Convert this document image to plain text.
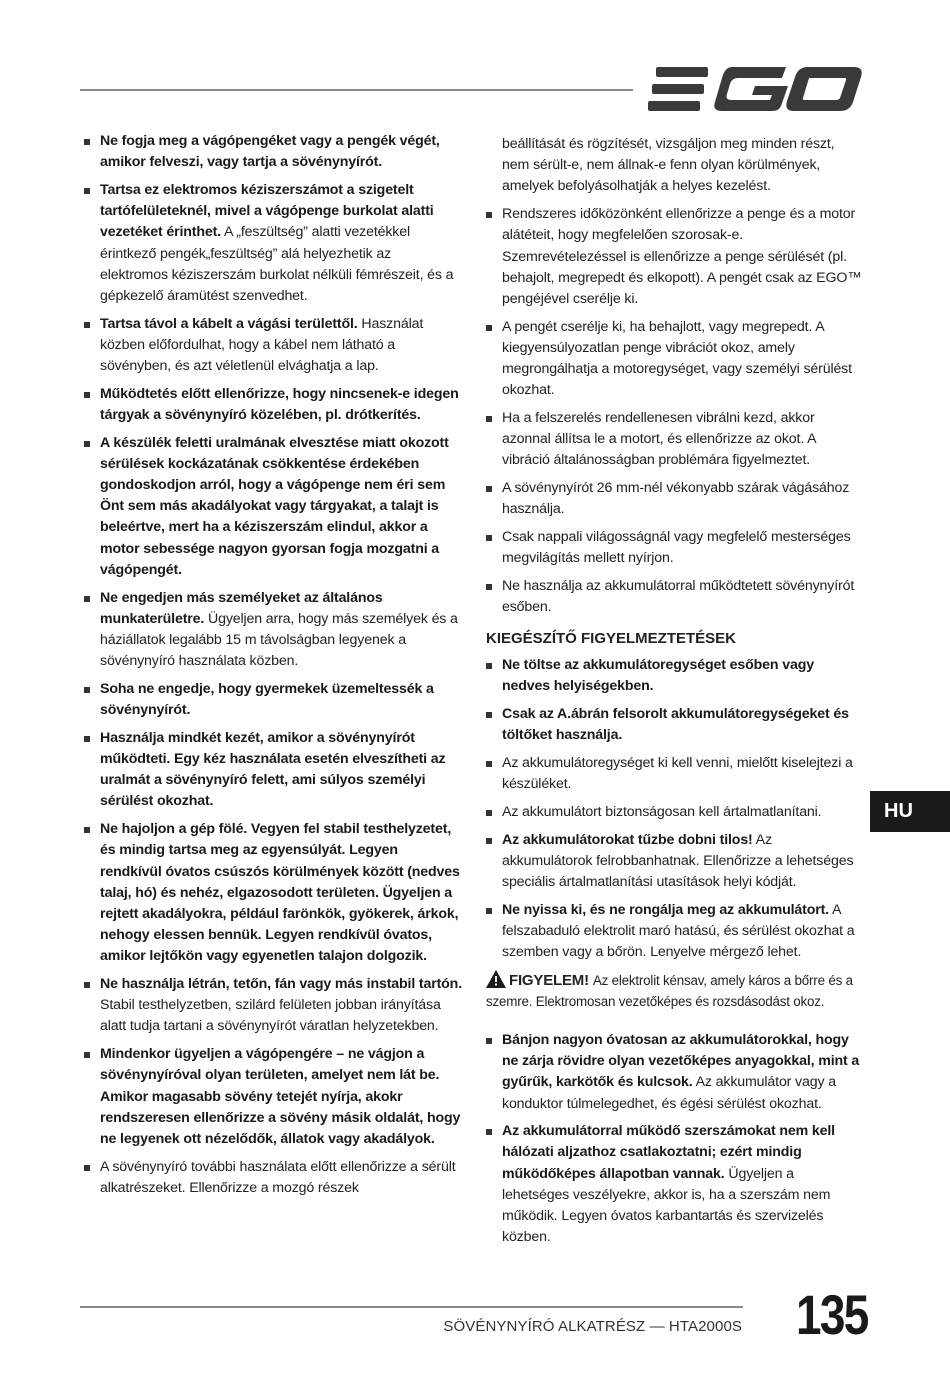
Ne fogja meg a vágópengéket vagy a pengék végét, amikor felveszi, vagy tartja a sövénynyírót.
Tartsa ez elektromos kéziszerszámot a szigetelt tartófelületeknél, mivel a vágópenge burkolat alatti vezetéket érinthet. A „feszültség” alatti vezetékkel érintkező pengék„feszültség” alá helyezhetik az elektromos kéziszerszám burkolat nélküli fémrészeit, és a gépkezelő áramütést szenvedhet.
Tartsa távol a kábelt a vágási területtől. Használat közben előfordulhat, hogy a kábel nem látható a sövényben, és azt véletlenül elvághatja a lap.
Működtetés előtt ellenőrizze, hogy nincsenek-e idegen tárgyak a sövénynyíró közelében, pl. drótkerítés.
A készülék feletti uralmának elvesztése miatt okozott sérülések kockázatának csökkentése érdekében gondoskodjon arról, hogy a vágópenge nem éri sem Önt sem más akadályokat vagy tárgyakat, a talajt is beleértve, mert ha a kéziszerszám elindul, akkor a motor sebessége nagyon gyorsan fogja mozgatni a vágópengét.
Ne engedjen más személyeket az általános munkaterületre. Ügyeljen arra, hogy más személyek és a háziállatok legalább 15 m távolságban legyenek a sövénynyíró használata közben.
Soha ne engedje, hogy gyermekek üzemeltessék a sövénynyírót.
Használja mindkét kezét, amikor a sövénynyírót működteti. Egy kéz használata esetén elveszítheti az uralmát a sövénynyíró felett, ami súlyos személyi sérülést okozhat.
Ne hajoljon a gép fölé. Vegyen fel stabil testhelyzetet, és mindig tartsa meg az egyensúlyát. Legyen rendkívül óvatos csúszós körülmények között (nedves talaj, hó) és nehéz, elgazosodott területen. Ügyeljen a rejtett akadályokra, például farönkök, gyökerek, árkok, nehogy elessen bennük. Legyen rendkívül óvatos, amikor lejtőkön vagy egyenetlen talajon dolgozik.
Ne használja létrán, tetőn, fán vagy más instabil tartón. Stabil testhelyzetben, szilárd felületen jobban irányítása alatt tudja tartani a sövénynyírót váratlan helyzetekben.
Mindenkor ügyeljen a vágópengére – ne vágjon a sövénynyíróval olyan területen, amelyet nem lát be. Amikor magasabb sövény tetejét nyírja, akokr rendszeresen ellenőrizze a sövény másik oldalát, hogy ne legyenek ott nézelődők, állatok vagy akadályok.
A sövénynyíró további használata előtt ellenőrizze a sérült alkatrészeket. Ellenőrizze a mozgó részek
beállítását és rögzítését, vizsgáljon meg minden részt, nem sérült-e, nem állnak-e fenn olyan körülmények, amelyek befolyásolhatják a helyes kezelést.
Rendszeres időközönként ellenőrizze a penge és a motor alátéteit, hogy megfelelően szorosak-e. Szemrevételezéssel is ellenőrizze a penge sérülését (pl. behajolt, megrepedt és elkopott). A pengét csak az EGO™ pengéjével cserélje ki.
A pengét cserélje ki, ha behajlott, vagy megrepedt. A kiegyensúlyozatlan penge vibrációt okoz, amely megrongálhatja a motoregységet, vagy személyi sérülést okozhat.
Ha a felszerelés rendellenesen vibrálni kezd, akkor azonnal állítsa le a motort, és ellenőrizze az okot. A vibráció általánosságban problémára figyelmeztet.
A sövénynyírót 26 mm-nél vékonyabb szárak vágásához használja.
Csak nappali világosságnál vagy megfelelő mesterséges megvilágítás mellett nyírjon.
Ne használja az akkumulátorral működtetett sövénynyírót esőben.
KIEGÉSZÍTŐ FIGYELMEZTETÉSEK
Ne töltse az akkumulátoregységet esőben vagy nedves helyiségekben.
Csak az A.ábrán felsorolt akkumulátoregységeket és töltőket használja.
Az akkumulátoregységet ki kell venni, mielőtt kiselejtezi a készüléket.
Az akkumulátort biztonságosan kell ártalmatlanítani.
Az akkumulátorokat tűzbe dobni tilos! Az akkumulátorok felrobbanhatnak. Ellenőrizze a lehetséges speciális ártalmatlanítási utasítások helyi kódját.
Ne nyissa ki, és ne rongálja meg az akkumulátort. A felszabaduló elektrolit maró hatású, és sérülést okozhat a szemben vagy a bőrön. Lenyelve mérgező lehet.
FIGYELEM! Az elektrolit kénsav, amely káros a bőrre és a szemre. Elektromosan vezetőképes és rozsdásodást okoz.
Bánjon nagyon óvatosan az akkumulátorokkal, hogy ne zárja rövidre olyan vezetőképes anyagokkal, mint a gyűrűk, karkötők és kulcsok. Az akkumulátor vagy a konduktor túlmelegedhet, és égési sérülést okozhat.
Az akkumulátorral működő szerszámokat nem kell hálózati aljzathoz csatlakoztatni; ezért mindig működőképes állapotban vannak. Ügyeljen a lehetséges veszélyekre, akkor is, ha a szerszám nem működik. Legyen óvatos karbantartás és szervizelés közben.
HU
SÖVÉNYNYÍRÓ ALKATRÉSZ — HTA2000S 135
